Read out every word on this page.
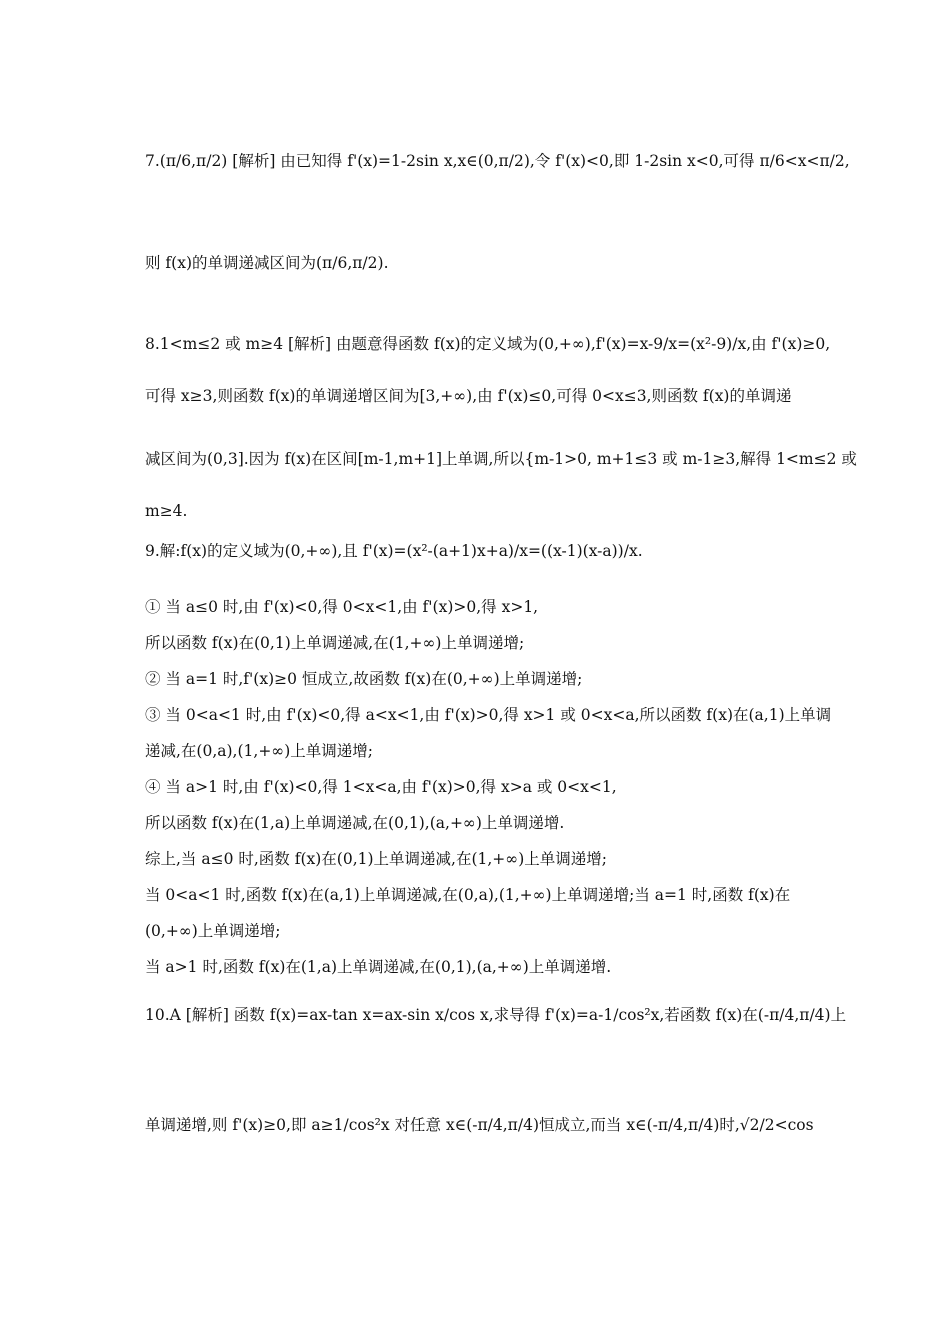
7.(π/6,π/2) [解析] 由已知得 f'(x)=1-2sin x,x∈(0,π/2),令 f'(x)<0,即 1-2sin x<0,可得 π/6<x<π/2,
则 f(x)的单调递减区间为(π/6,π/2).
8.1<m≤2 或 m≥4 [解析] 由题意得函数 f(x)的定义域为(0,+∞),f'(x)=x-9/x=(x²-9)/x,由 f'(x)≥0,
可得 x≥3,则函数 f(x)的单调递增区间为[3,+∞),由 f'(x)≤0,可得 0<x≤3,则函数 f(x)的单调递
减区间为(0,3].因为 f(x)在区间[m-1,m+1]上单调,所以{m-1>0, m+1≤3 或 m-1≥3,解得 1<m≤2 或
m≥4.
9.解:f(x)的定义域为(0,+∞),且 f'(x)=(x²-(a+1)x+a)/x=((x-1)(x-a))/x.
① 当 a≤0 时,由 f'(x)<0,得 0<x<1,由 f'(x)>0,得 x>1,
所以函数 f(x)在(0,1)上单调递减,在(1,+∞)上单调递增;
② 当 a=1 时,f'(x)≥0 恒成立,故函数 f(x)在(0,+∞)上单调递增;
③ 当 0<a<1 时,由 f'(x)<0,得 a<x<1,由 f'(x)>0,得 x>1 或 0<x<a,所以函数 f(x)在(a,1)上单调
递减,在(0,a),(1,+∞)上单调递增;
④ 当 a>1 时,由 f'(x)<0,得 1<x<a,由 f'(x)>0,得 x>a 或 0<x<1,
所以函数 f(x)在(1,a)上单调递减,在(0,1),(a,+∞)上单调递增.
综上,当 a≤0 时,函数 f(x)在(0,1)上单调递减,在(1,+∞)上单调递增;
当 0<a<1 时,函数 f(x)在(a,1)上单调递减,在(0,a),(1,+∞)上单调递增;当 a=1 时,函数 f(x)在
(0,+∞)上单调递增;
当 a>1 时,函数 f(x)在(1,a)上单调递减,在(0,1),(a,+∞)上单调递增.
10.A [解析] 函数 f(x)=ax-tan x=ax-sin x/cos x,求导得 f'(x)=a-1/cos²x,若函数 f(x)在(-π/4,π/4)上
单调递增,则 f'(x)≥0,即 a≥1/cos²x 对任意 x∈(-π/4,π/4)恒成立,而当 x∈(-π/4,π/4)时,√2/2<cos
